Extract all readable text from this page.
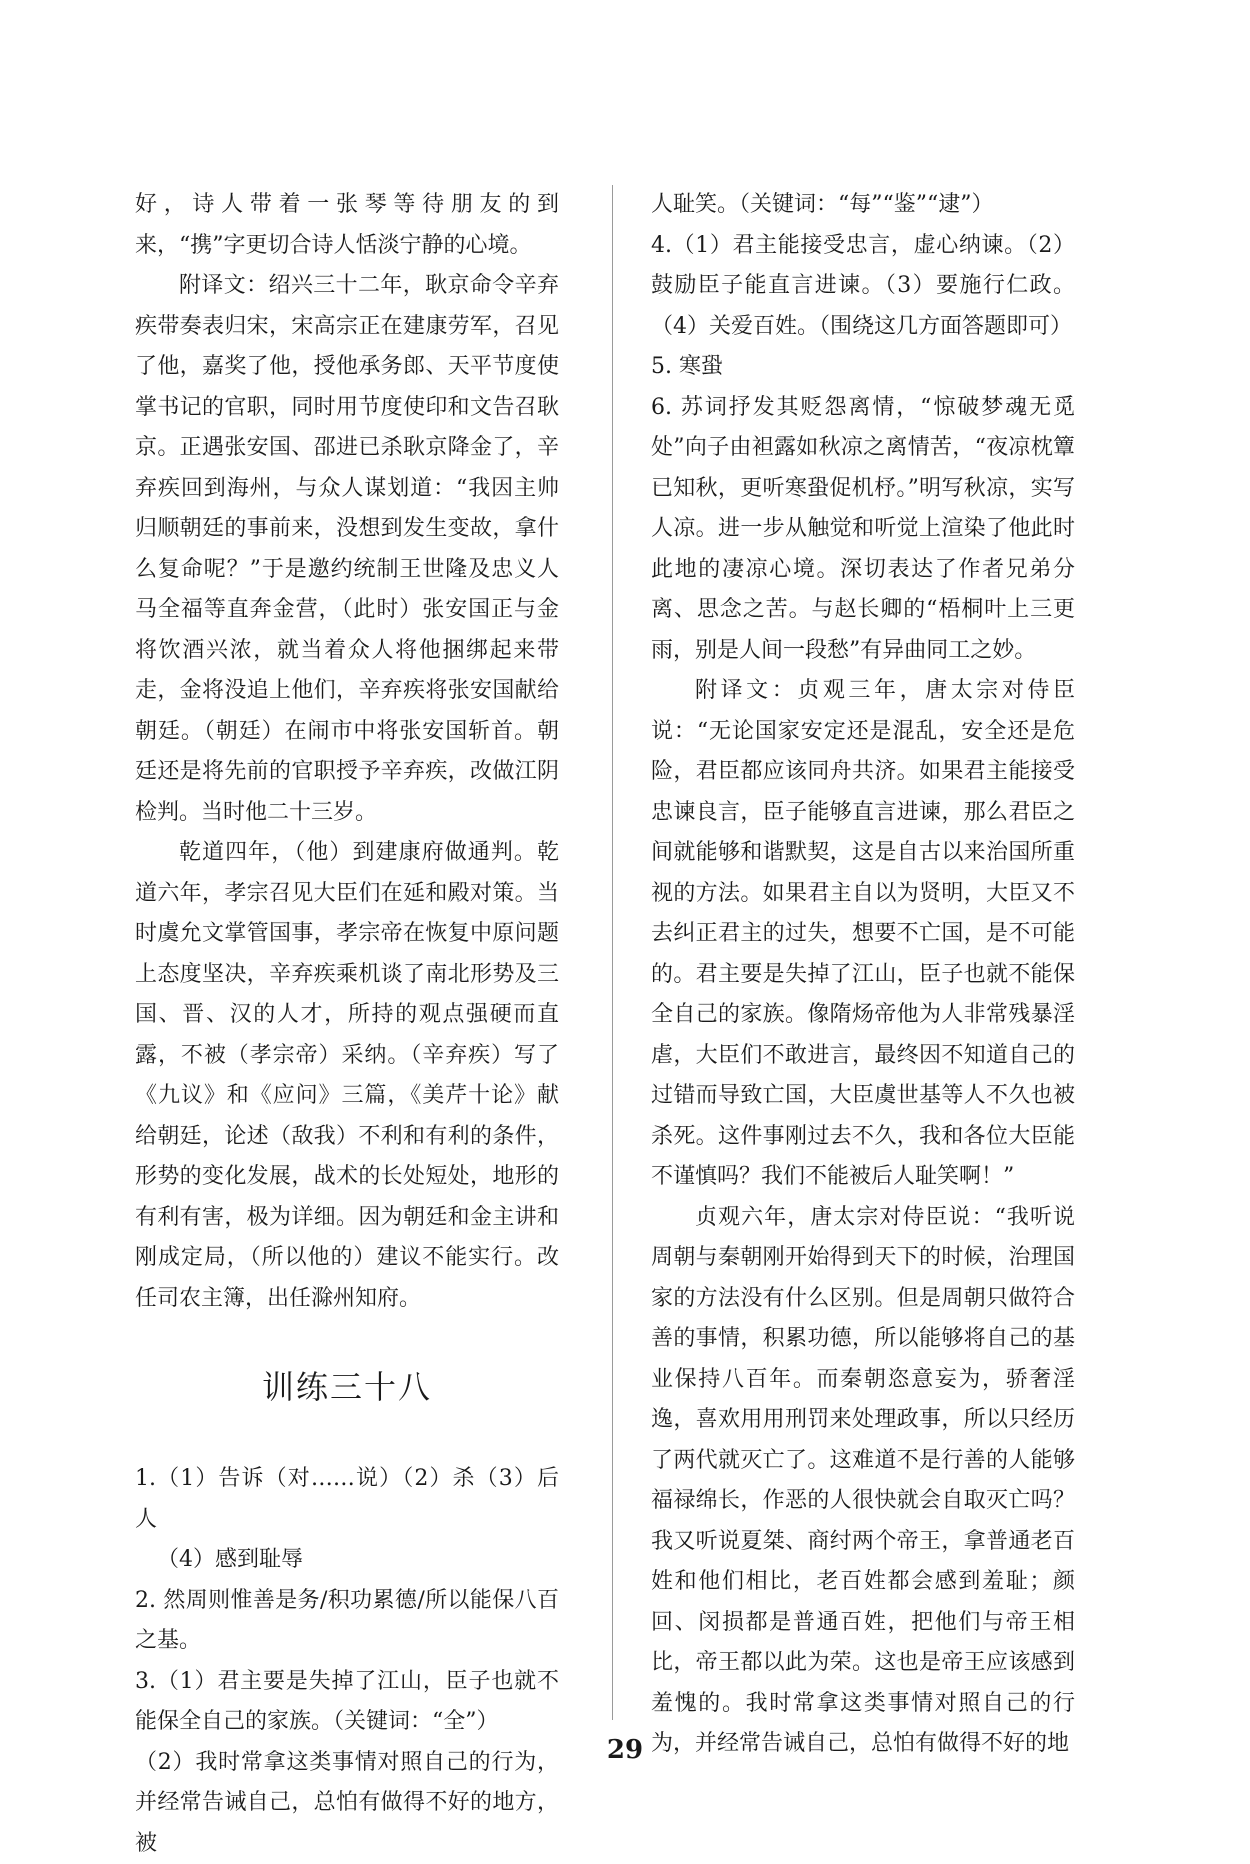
好，诗人带着一张琴等待朋友的到来，“携”字更切合诗人恬淡宁静的心境。

附译文：绍兴三十二年，耿京命令辛弃疾带奏表归宋，宋高宗正在建康劳军，召见了他，嘉奖了他，授他承务郎、天平节度使掌书记的官职，同时用节度使印和文告召耿京。正遇张安国、邵进已杀耿京降金了，辛弃疾回到海州，与众人谋划道：“我因主帅归顺朝廷的事前来，没想到发生变故，拿什么复命呢？”于是邀约统制王世隆及忠义人马全福等直奔金营，（此时）张安国正与金将饮酒兴浓，就当着众人将他捆绑起来带走，金将没追上他们，辛弃疾将张安国献给朝廷。（朝廷）在闹市中将张安国斩首。朝廷还是将先前的官职授予辛弃疾，改做江阴检判。当时他二十三岁。

乾道四年，（他）到建康府做通判。乾道六年，孝宗召见大臣们在延和殿对策。当时虞允文掌管国事，孝宗帝在恢复中原问题上态度坚决，辛弃疾乘机谈了南北形势及三国、晋、汉的人才，所持的观点强硬而直露，不被（孝宗帝）采纳。（辛弃疾）写了《九议》和《应问》三篇，《美芹十论》献给朝廷，论述（敌我）不利和有利的条件，形势的变化发展，战术的长处短处，地形的有利有害，极为详细。因为朝廷和金主讲和刚成定局，（所以他的）建议不能实行。改任司农主簿，出任滁州知府。

训练三十八

1.（1）告诉（对……说）（2）杀（3）后人

（4）感到耻辱

2. 然周则惟善是务/积功累德/所以能保八百之基。

3.（1）君主要是失掉了江山，臣子也就不能保全自己的家族。（关键词：“全”）

（2）我时常拿这类事情对照自己的行为，并经常告诫自己，总怕有做得不好的地方，被

人耻笑。（关键词：“每”“鉴”“逮”）

4.（1）君主能接受忠言，虚心纳谏。（2）鼓励臣子能直言进谏。（3）要施行仁政。（4）关爱百姓。（围绕这几方面答题即可）

5. 寒蛩

6. 苏词抒发其贬怨离情，“惊破梦魂无觅处”向子由袒露如秋凉之离情苦，“夜凉枕簟已知秋，更听寒蛩促机杼。”明写秋凉，实写人凉。进一步从触觉和听觉上渲染了他此时此地的凄凉心境。深切表达了作者兄弟分离、思念之苦。与赵长卿的“梧桐叶上三更雨，别是人间一段愁”有异曲同工之妙。

附译文：贞观三年，唐太宗对侍臣说：“无论国家安定还是混乱，安全还是危险，君臣都应该同舟共济。如果君主能接受忠谏良言，臣子能够直言进谏，那么君臣之间就能够和谐默契，这是自古以来治国所重视的方法。如果君主自以为贤明，大臣又不去纠正君主的过失，想要不亡国，是不可能的。君主要是失掉了江山，臣子也就不能保全自己的家族。像隋炀帝他为人非常残暴淫虐，大臣们不敢进言，最终因不知道自己的过错而导致亡国，大臣虞世基等人不久也被杀死。这件事刚过去不久，我和各位大臣能不谨慎吗？我们不能被后人耻笑啊！”

贞观六年，唐太宗对侍臣说：“我听说周朝与秦朝刚开始得到天下的时候，治理国家的方法没有什么区别。但是周朝只做符合善的事情，积累功德，所以能够将自己的基业保持八百年。而秦朝恣意妄为，骄奢淫逸，喜欢用用刑罚来处理政事，所以只经历了两代就灭亡了。这难道不是行善的人能够福禄绵长，作恶的人很快就会自取灭亡吗？我又听说夏桀、商纣两个帝王，拿普通老百姓和他们相比，老百姓都会感到羞耻；颜回、闵损都是普通百姓，把他们与帝王相比，帝王都以此为荣。这也是帝王应该感到羞愧的。我时常拿这类事情对照自己的行为，并经常告诫自己，总怕有做得不好的地

29
